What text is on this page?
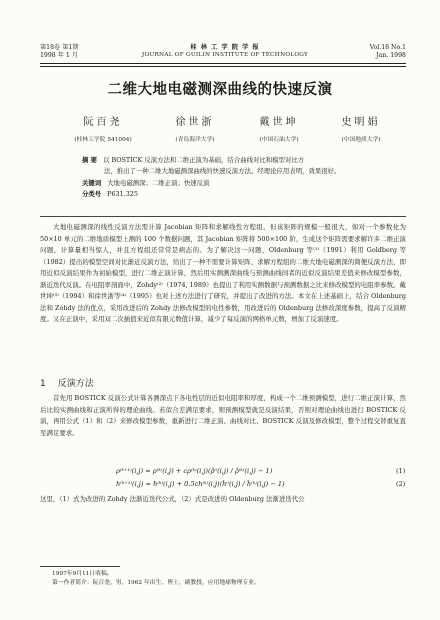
第18卷 第1期
1998 年 1 月
桂 林 工 学 院 学 报
JOURNAL OF GUILIN INSTITUTE OF TECHNOLOGY
Vol.18 No.1
Jan. 1998
二维大地电磁测深曲线的快速反演
阮百尧
(桂林工学院 541004)
徐世浙
(青岛海洋大学)
戴世坤
(中国石油大学)
史明娟
(中国地质大学)
摘 要 以 BOSTICK 反演方法和二维正演为基础，结合曲线对比和模型对比方
法，推出了一种二维大地磁测深曲线的快速反演方法。经理论应用表明，效果很好。
关键词 大地电磁测深；二维正演；快速反演
分类号 P631.325

大地电磁测深的线性反演方法需计算 Jacobian 矩阵和求解线性方程组，但该矩阵的规模一般很大，如对一个参数化为 50×10 单元的二维地质模型上测的 100 个数据问题，其 Jacobian 矩阵将 500×100 阶，生成这个矩阵需要求解许多二维正演问题，计算量相当惊人，并且方程组还常常是病态的。为了解决这一问题，Oldenburg 等⁽¹⁾（1991）利用 Goldberg 等（1982）提出的模型空间对比渐近反演方法，给出了一种不需要计算矩阵、求解方程组的二维大地电磁测深的简便反演方法，即用近似反演结果作为初始模型，进行二维正演计算，然后用实测测深曲线与预测曲线间者的近似反演结果差值来修改模型参数，渐近迭代反演。在电阻率剖面中，Zohdy⁽²⁾（1974, 1989）也提出了利用实测数据与预测数据之比来修改模型的电阻率参数。戴世坤⁽³⁾（1994）和徐世浙等⁽⁴⁾（1995）也对上述方法进行了研究，并提出了改进的方法。本文在上述基础上，结合 Oldenburg 法和 Zohdy 法的优点，采用改进后的 Zohdy 法修改模型的电性参数，用改进后的 Oldenburg 法修改深度参数，提高了反演精度。又在正演中，采用双二次插值来近似有限元数值计算，减少了每反演的网格单元数，增加了反演速度。

1 反演方法

首先用 BOSTICK 反演公式计算各测深点下各电性层的近似电阻率和厚度，构成一个二维预测模型，进行二维正演计算，然后比较实测曲线和正演所得的理论曲线。若似合差满足要求，则预测模型就是反演结果，否则对理论曲线也进行 BOSTICK 反演，再用公式（1）和（2）来修改模型参数，重新进行二维正演、曲线对比、BOSTICK 反演及修改模型，整个过程交替重复直至满足要求。

ρ⁽ᵏ⁺¹⁾(i,j) = ρ⁽ᵏ⁾(i,j) + cρ⁽ᵏ⁾(i,j)(ρ̂⁰(i,j) / ρ̂⁽ᵏ⁾(i,j) − 1)	(1)
h⁽ᵏ⁺¹⁾(i,j) = h⁽ᵏ⁾(i,j) + 0.5ch⁽ᵏ⁾(i,j)(ĥ⁰(i,j) / ĥ⁽ᵏ⁾(i,j) − 1)	(2)
这里，（1）式为改进的 Zohdy 法渐近迭代公式，（2）式是改进的 Oldenburg 法渐进迭代公
1997年9月11日收稿。
第一作者简介：阮百尧，男，1962 年出生，博士，副教授，应用地球物理专业。
